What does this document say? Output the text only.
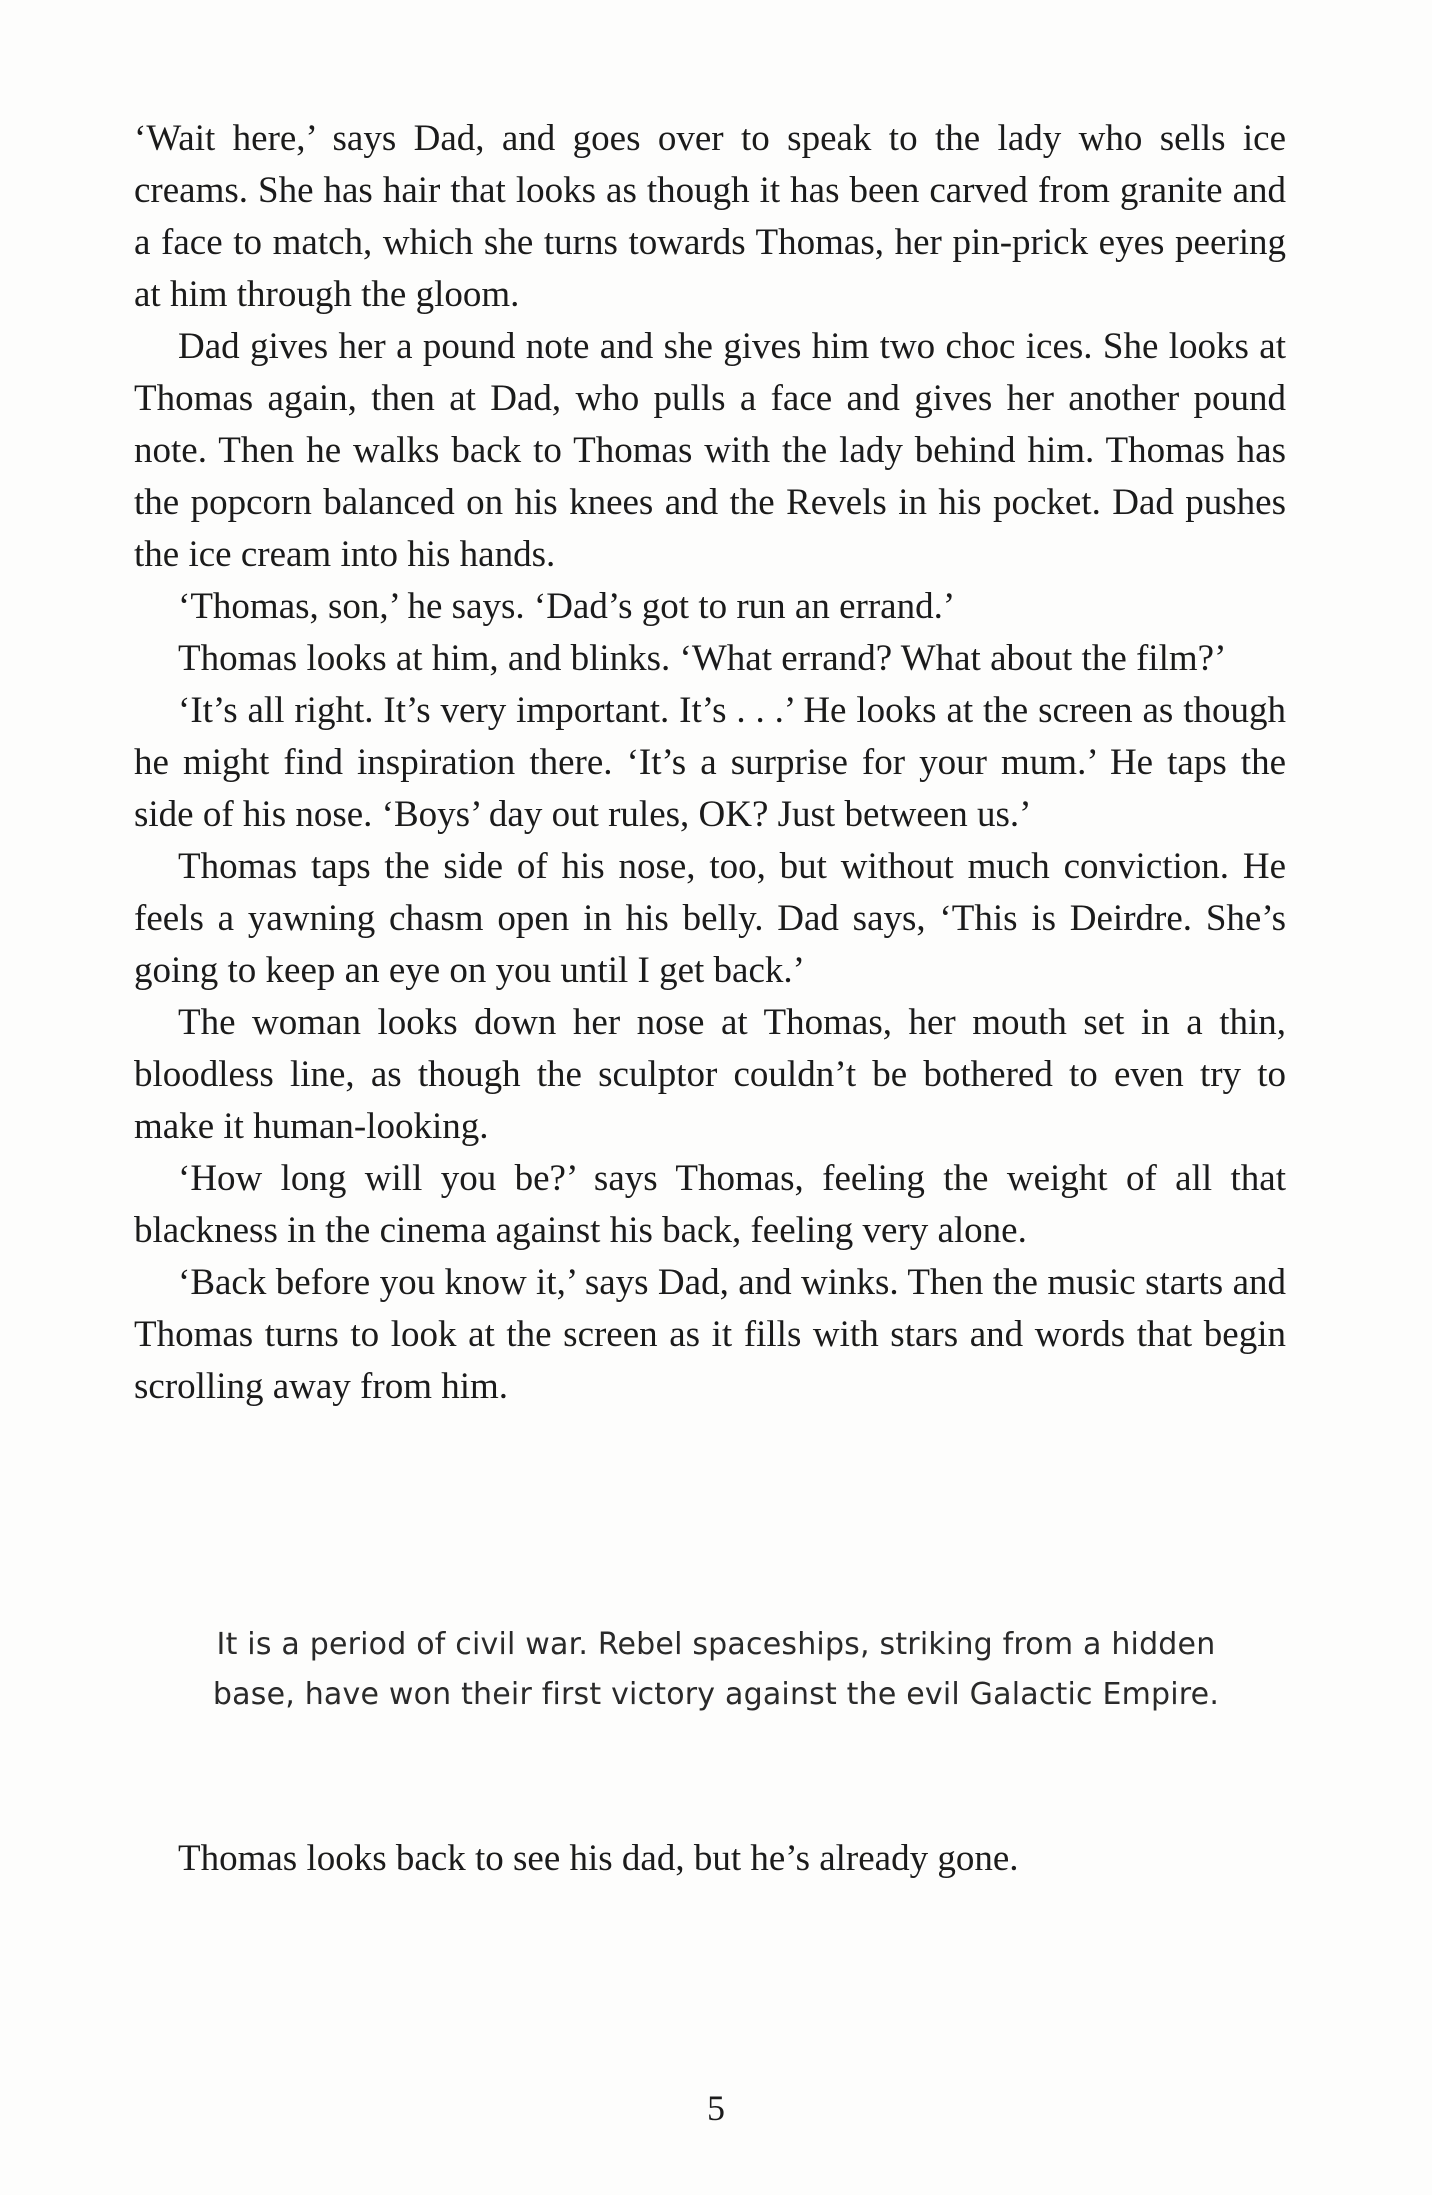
‘Wait here,’ says Dad, and goes over to speak to the lady who sells ice creams. She has hair that looks as though it has been carved from granite and a face to match, which she turns towards Thomas, her pin-prick eyes peering at him through the gloom.

Dad gives her a pound note and she gives him two choc ices. She looks at Thomas again, then at Dad, who pulls a face and gives her another pound note. Then he walks back to Thomas with the lady behind him. Thomas has the popcorn balanced on his knees and the Revels in his pocket. Dad pushes the ice cream into his hands.

‘Thomas, son,’ he says. ‘Dad’s got to run an errand.’

Thomas looks at him, and blinks. ‘What errand? What about the film?’

‘It’s all right. It’s very important. It’s . . .’ He looks at the screen as though he might find inspiration there. ‘It’s a surprise for your mum.’ He taps the side of his nose. ‘Boys’ day out rules, OK? Just between us.’

Thomas taps the side of his nose, too, but without much conviction. He feels a yawning chasm open in his belly. Dad says, ‘This is Deirdre. She’s going to keep an eye on you until I get back.’

The woman looks down her nose at Thomas, her mouth set in a thin, bloodless line, as though the sculptor couldn’t be bothered to even try to make it human-looking.

‘How long will you be?’ says Thomas, feeling the weight of all that blackness in the cinema against his back, feeling very alone.

‘Back before you know it,’ says Dad, and winks. Then the music starts and Thomas turns to look at the screen as it fills with stars and words that begin scrolling away from him.

It is a period of civil war. Rebel spaceships, striking from a hidden base, have won their first victory against the evil Galactic Empire.

Thomas looks back to see his dad, but he’s already gone.

5
